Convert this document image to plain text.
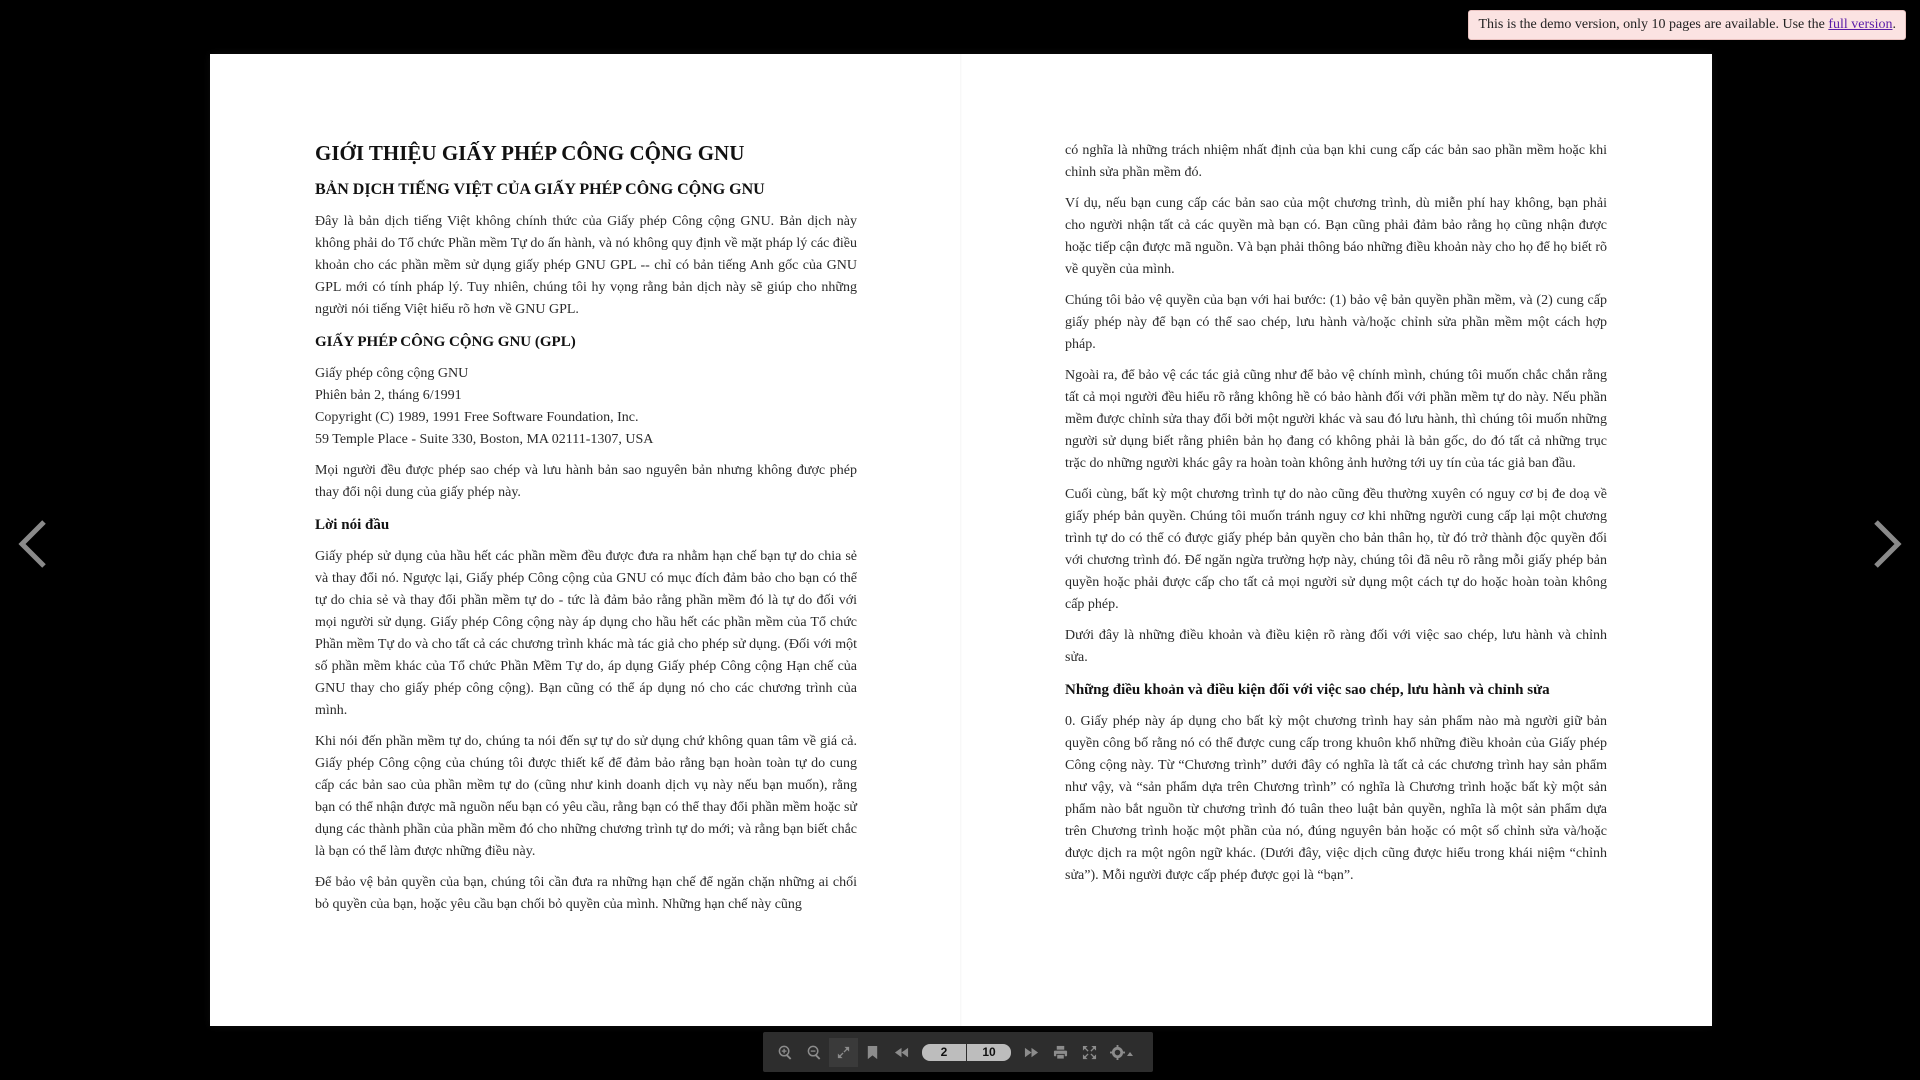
This is the demo version, only 10 pages are available. Use the full version.
GIỚI THIỆU GIẤY PHÉP CÔNG CỘNG GNU
BẢN DỊCH TIẾNG VIỆT CỦA GIẤY PHÉP CÔNG CỘNG GNU

Đây là bản dịch tiếng Việt không chính thức của Giấy phép Công cộng GNU. Bản dịch này không phải do Tổ chức Phần mềm Tự do ấn hành, và nó không quy định về mặt pháp lý các điều khoản cho các phần mềm sử dụng giấy phép GNU GPL -- chỉ có bản tiếng Anh gốc của GNU GPL mới có tính pháp lý. Tuy nhiên, chúng tôi hy vọng rằng bản dịch này sẽ giúp cho những người nói tiếng Việt hiểu rõ hơn về GNU GPL.

GIẤY PHÉP CÔNG CỘNG GNU (GPL)

Giấy phép công cộng GNU

Phiên bản 2, tháng 6/1991

Copyright (C) 1989, 1991 Free Software Foundation, Inc.

59 Temple Place - Suite 330, Boston, MA 02111-1307, USA

Mọi người đều được phép sao chép và lưu hành bản sao nguyên bản nhưng không được phép thay đổi nội dung của giấy phép này.

Lời nói đầu

Giấy phép sử dụng của hầu hết các phần mềm đều được đưa ra nhằm hạn chế bạn tự do chia sẻ và thay đổi nó. Ngược lại, Giấy phép Công cộng của GNU có mục đích đảm bảo cho bạn có thể tự do chia sẻ và thay đổi phần mềm tự do - tức là đảm bảo rằng phần mềm đó là tự do đối với mọi người sử dụng. Giấy phép Công cộng này áp dụng cho hầu hết các phần mềm của Tổ chức Phần mềm Tự do và cho tất cả các chương trình khác mà tác giả cho phép sử dụng. (Đối với một số phần mềm khác của Tổ chức Phần Mềm Tự do, áp dụng Giấy phép Công cộng Hạn chế của GNU thay cho giấy phép công cộng). Bạn cũng có thể áp dụng nó cho các chương trình của mình.

Khi nói đến phần mềm tự do, chúng ta nói đến sự tự do sử dụng chứ không quan tâm về giá cả. Giấy phép Công cộng của chúng tôi được thiết kế để đảm bảo rằng bạn hoàn toàn tự do cung cấp các bản sao của phần mềm tự do (cũng như kinh doanh dịch vụ này nếu bạn muốn), rằng bạn có thể nhận được mã nguồn nếu bạn có yêu cầu, rằng bạn có thể thay đổi phần mềm hoặc sử dụng các thành phần của phần mềm đó cho những chương trình tự do mới; và rằng bạn biết chắc là bạn có thể làm được những điều này.

Để bảo vệ bản quyền của bạn, chúng tôi cần đưa ra những hạn chế để ngăn chặn những ai chối bỏ quyền của bạn, hoặc yêu cầu bạn chối bỏ quyền của mình. Những hạn chế này cũng

có nghĩa là những trách nhiệm nhất định của bạn khi cung cấp các bản sao phần mềm hoặc khi chỉnh sửa phần mềm đó.

Ví dụ, nếu bạn cung cấp các bản sao của một chương trình, dù miễn phí hay không, bạn phải cho người nhận tất cả các quyền mà bạn có. Bạn cũng phải đảm bảo rằng họ cũng nhận được hoặc tiếp cận được mã nguồn. Và bạn phải thông báo những điều khoản này cho họ để họ biết rõ về quyền của mình.

Chúng tôi bảo vệ quyền của bạn với hai bước: (1) bảo vệ bản quyền phần mềm, và (2) cung cấp giấy phép này để bạn có thể sao chép, lưu hành và/hoặc chỉnh sửa phần mềm một cách hợp pháp.

Ngoài ra, để bảo vệ các tác giả cũng như để bảo vệ chính mình, chúng tôi muốn chắc chắn rằng tất cả mọi người đều hiểu rõ rằng không hề có bảo hành đối với phần mềm tự do này. Nếu phần mềm được chỉnh sửa thay đổi bởi một người khác và sau đó lưu hành, thì chúng tôi muốn những người sử dụng biết rằng phiên bản họ đang có không phải là bản gốc, do đó tất cả những trục trặc do những người khác gây ra hoàn toàn không ảnh hưởng tới uy tín của tác giả ban đầu.

Cuối cùng, bất kỳ một chương trình tự do nào cũng đều thường xuyên có nguy cơ bị đe doạ về giấy phép bản quyền. Chúng tôi muốn tránh nguy cơ khi những người cung cấp lại một chương trình tự do có thể có được giấy phép bản quyền cho bản thân họ, từ đó trở thành độc quyền đối với chương trình đó. Để ngăn ngừa trường hợp này, chúng tôi đã nêu rõ rằng mỗi giấy phép bản quyền hoặc phải được cấp cho tất cả mọi người sử dụng một cách tự do hoặc hoàn toàn không cấp phép.

Dưới đây là những điều khoản và điều kiện rõ ràng đối với việc sao chép, lưu hành và chỉnh sửa.

Những điều khoản và điều kiện đối với việc sao chép, lưu hành và chỉnh sửa

0. Giấy phép này áp dụng cho bất kỳ một chương trình hay sản phẩm nào mà người giữ bản quyền công bố rằng nó có thể được cung cấp trong khuôn khổ những điều khoản của Giấy phép Công cộng này. Từ “Chương trình” dưới đây có nghĩa là tất cả các chương trình hay sản phẩm như vậy, và “sản phẩm dựa trên Chương trình” có nghĩa là Chương trình hoặc bất kỳ một sản phẩm nào bắt nguồn từ chương trình đó tuân theo luật bản quyền, nghĩa là một sản phẩm dựa trên Chương trình hoặc một phần của nó, đúng nguyên bản hoặc có một số chỉnh sửa và/hoặc được dịch ra một ngôn ngữ khác. (Dưới đây, việc dịch cũng được hiểu trong khái niệm “chỉnh sửa”). Mỗi người được cấp phép được gọi là “bạn”.

2
10
